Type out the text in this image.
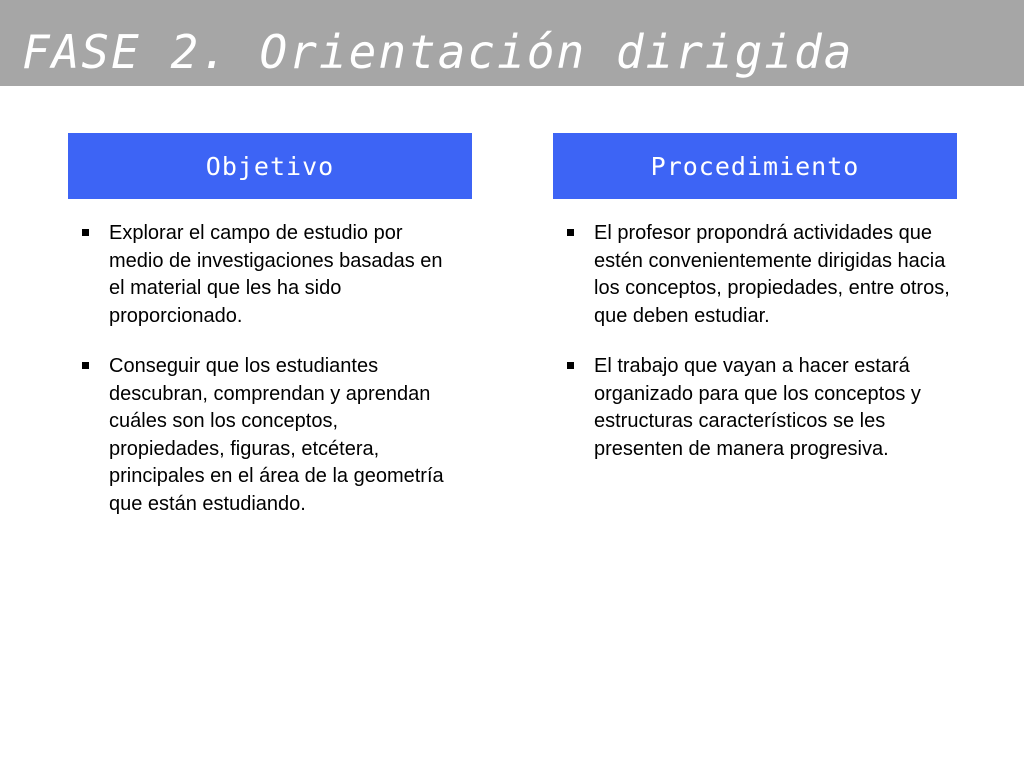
FASE 2. Orientación dirigida
Objetivo	Procedimiento
Explorar el campo de estudio por medio de investigaciones basadas en el material que les ha sido proporcionado.
Conseguir que los estudiantes descubran, comprendan y aprendan cuáles son los conceptos, propiedades, figuras, etcétera, principales en el área de la geometría que están estudiando.
El profesor propondrá actividades que estén convenientemente dirigidas hacia los conceptos, propiedades, entre otros, que deben estudiar.
El trabajo que vayan a hacer estará organizado para que los conceptos y estructuras característicos se les presenten de manera progresiva.
